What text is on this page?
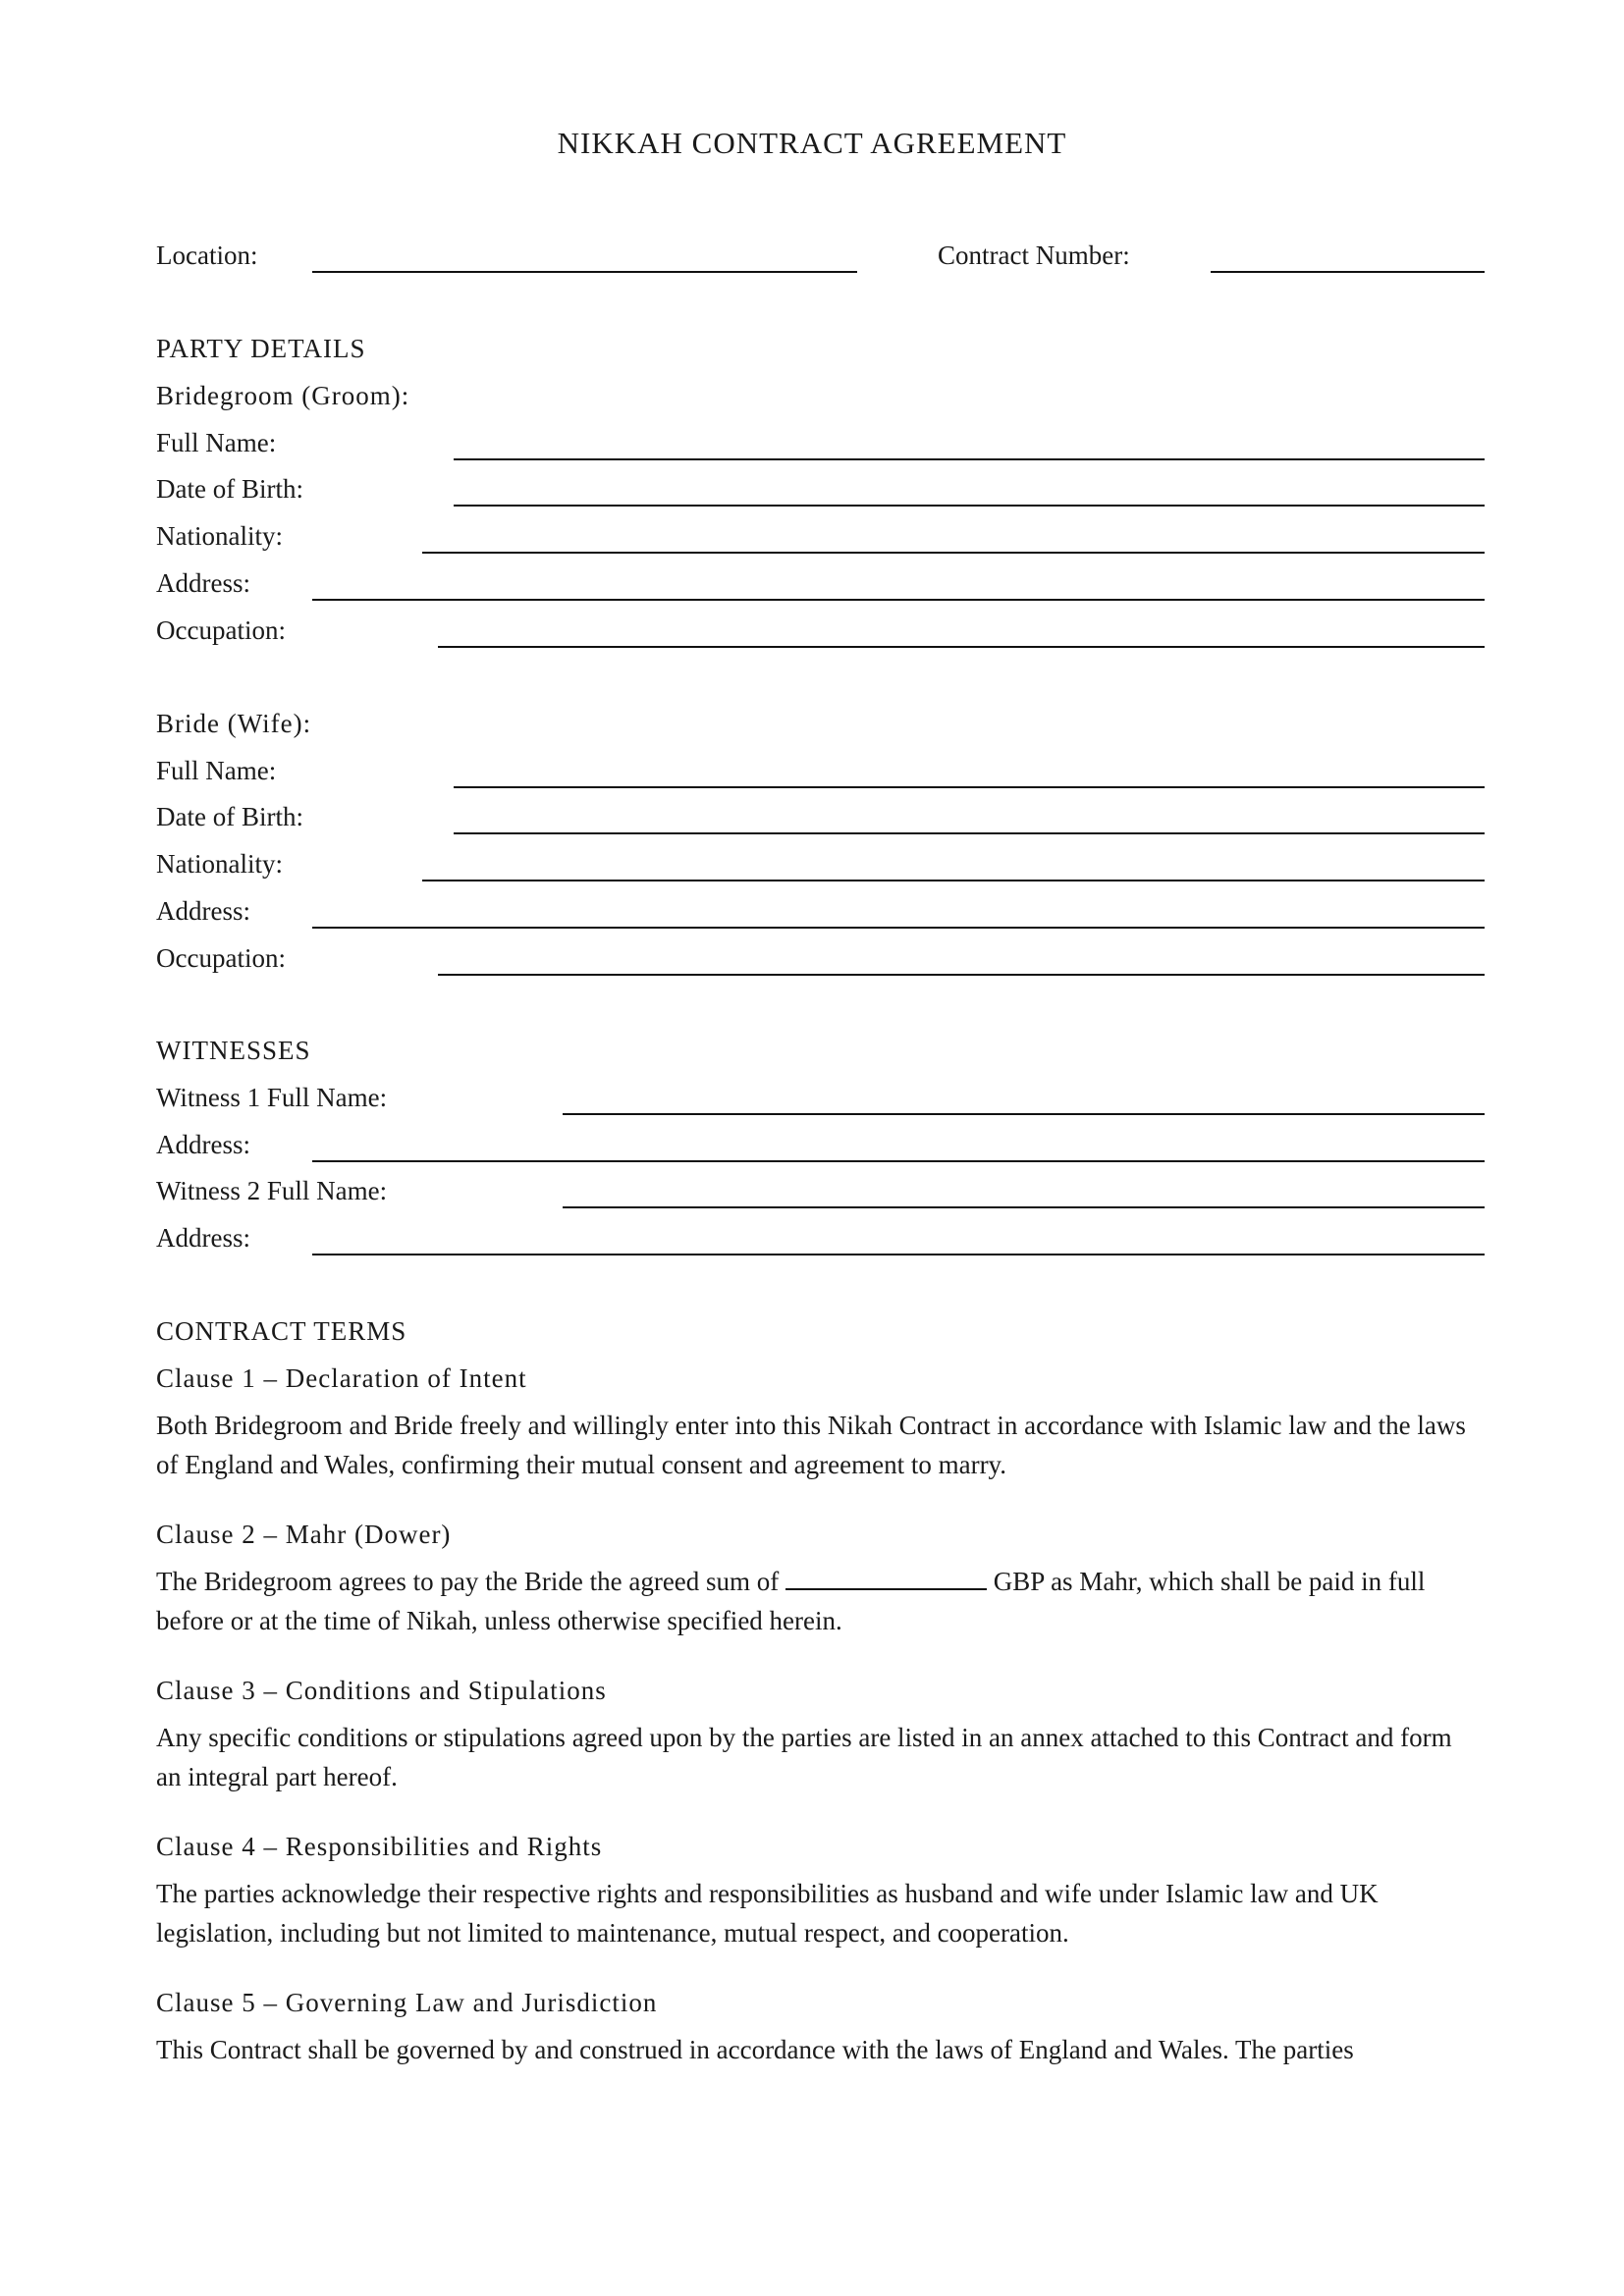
NIKKAH CONTRACT AGREEMENT
Location:	Contract Number:
PARTY DETAILS
Bridegroom (Groom):
Full Name:
Date of Birth:
Nationality:
Address:
Occupation:
Bride (Wife):
Full Name:
Date of Birth:
Nationality:
Address:
Occupation:
WITNESSES
Witness 1 Full Name:
Address:
Witness 2 Full Name:
Address:
CONTRACT TERMS
Clause 1 – Declaration of Intent
Both Bridegroom and Bride freely and willingly enter into this Nikah Contract in accordance with Islamic law and the laws of England and Wales, confirming their mutual consent and agreement to marry.
Clause 2 – Mahr (Dower)
The Bridegroom agrees to pay the Bride the agreed sum of	GBP as Mahr, which shall be paid in full before or at the time of Nikah, unless otherwise specified herein.
Clause 3 – Conditions and Stipulations
Any specific conditions or stipulations agreed upon by the parties are listed in an annex attached to this Contract and form an integral part hereof.
Clause 4 – Responsibilities and Rights
The parties acknowledge their respective rights and responsibilities as husband and wife under Islamic law and UK legislation, including but not limited to maintenance, mutual respect, and cooperation.
Clause 5 – Governing Law and Jurisdiction
This Contract shall be governed by and construed in accordance with the laws of England and Wales. The parties
